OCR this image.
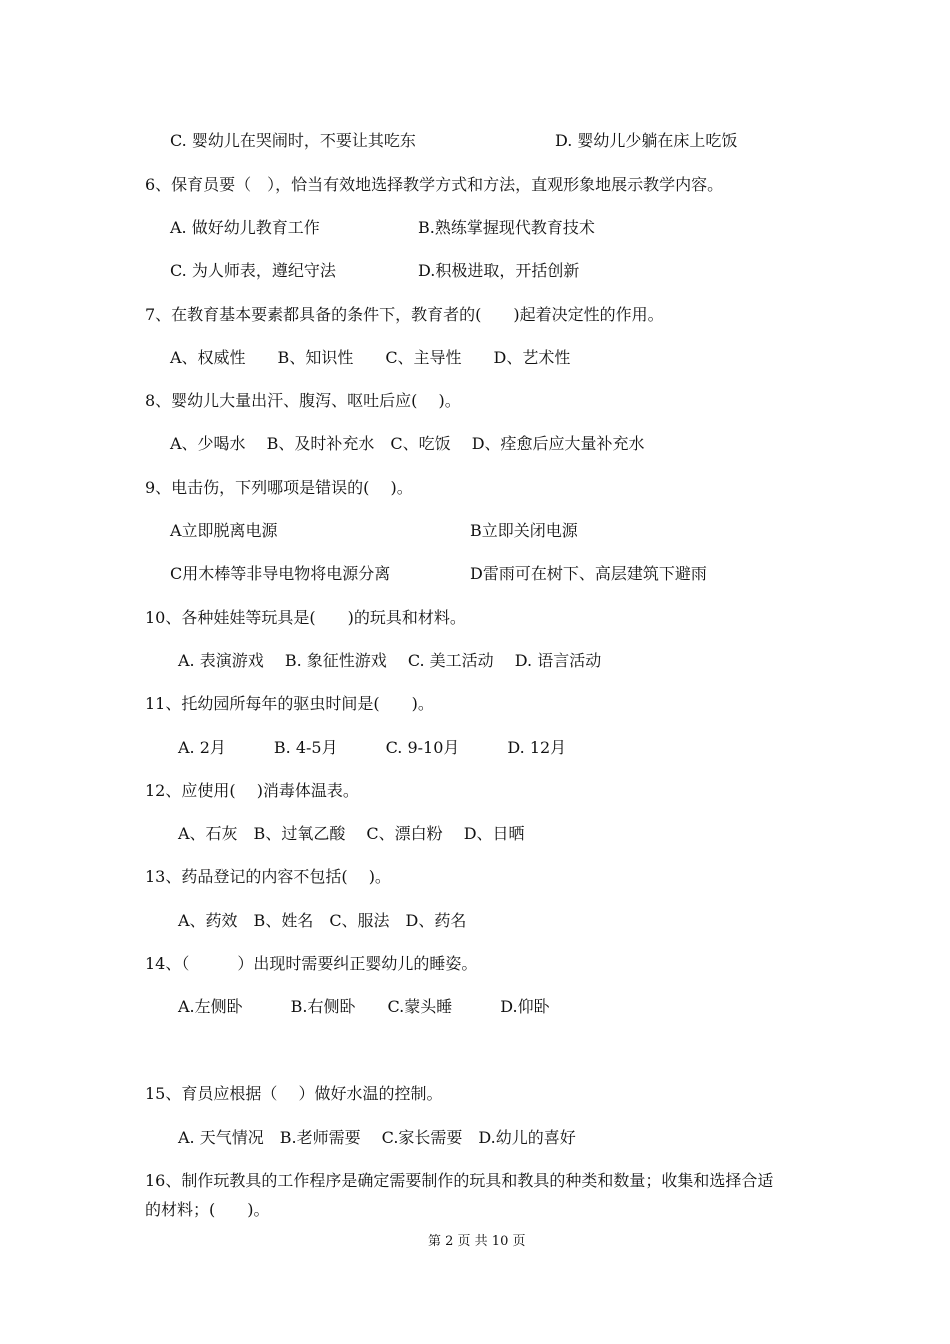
C. 婴幼儿在哭闹时，不要让其吃东	D. 婴幼儿少躺在床上吃饭
6、保育员要（　），恰当有效地选择教学方式和方法，直观形象地展示教学内容。
A. 做好幼儿教育工作	B.熟练掌握现代教育技术
C. 为人师表，遵纪守法	D.积极进取，开括创新
7、在教育基本要素都具备的条件下，教育者的(　　)起着决定性的作用。
A、权威性　　B、知识性　　C、主导性　　D、艺术性
8、婴幼儿大量出汗、腹泻、呕吐后应(　 )。
A、少喝水　 B、及时补充水　C、吃饭　 D、痊愈后应大量补充水
9、电击伤，下列哪项是错误的(　 )。
A立即脱离电源	B立即关闭电源
C用木棒等非导电物将电源分离	D雷雨可在树下、高层建筑下避雨
10、各种娃娃等玩具是(　　)的玩具和材料。
A. 表演游戏　 B. 象征性游戏　 C. 美工活动　 D. 语言活动
11、托幼园所每年的驱虫时间是(　　)。
A. 2月　　　B. 4-5月　　　C. 9-10月　　　D. 12月
12、应使用(　 )消毒体温表。
A、石灰　B、过氧乙酸　 C、漂白粉　 D、日晒
13、药品登记的内容不包括(　 )。
A、药效　B、姓名　C、服法　D、药名
14、（　　　）出现时需要纠正婴幼儿的睡姿。
A.左侧卧　　　B.右侧卧　　C.蒙头睡　　　D.仰卧
15、育员应根据（　 ）做好水温的控制。
A. 天气情况　B.老师需要　 C.家长需要　D.幼儿的喜好
16、制作玩教具的工作程序是确定需要制作的玩具和教具的种类和数量；收集和选择合适
的材料；(　　)。
第 2 页 共 10 页
